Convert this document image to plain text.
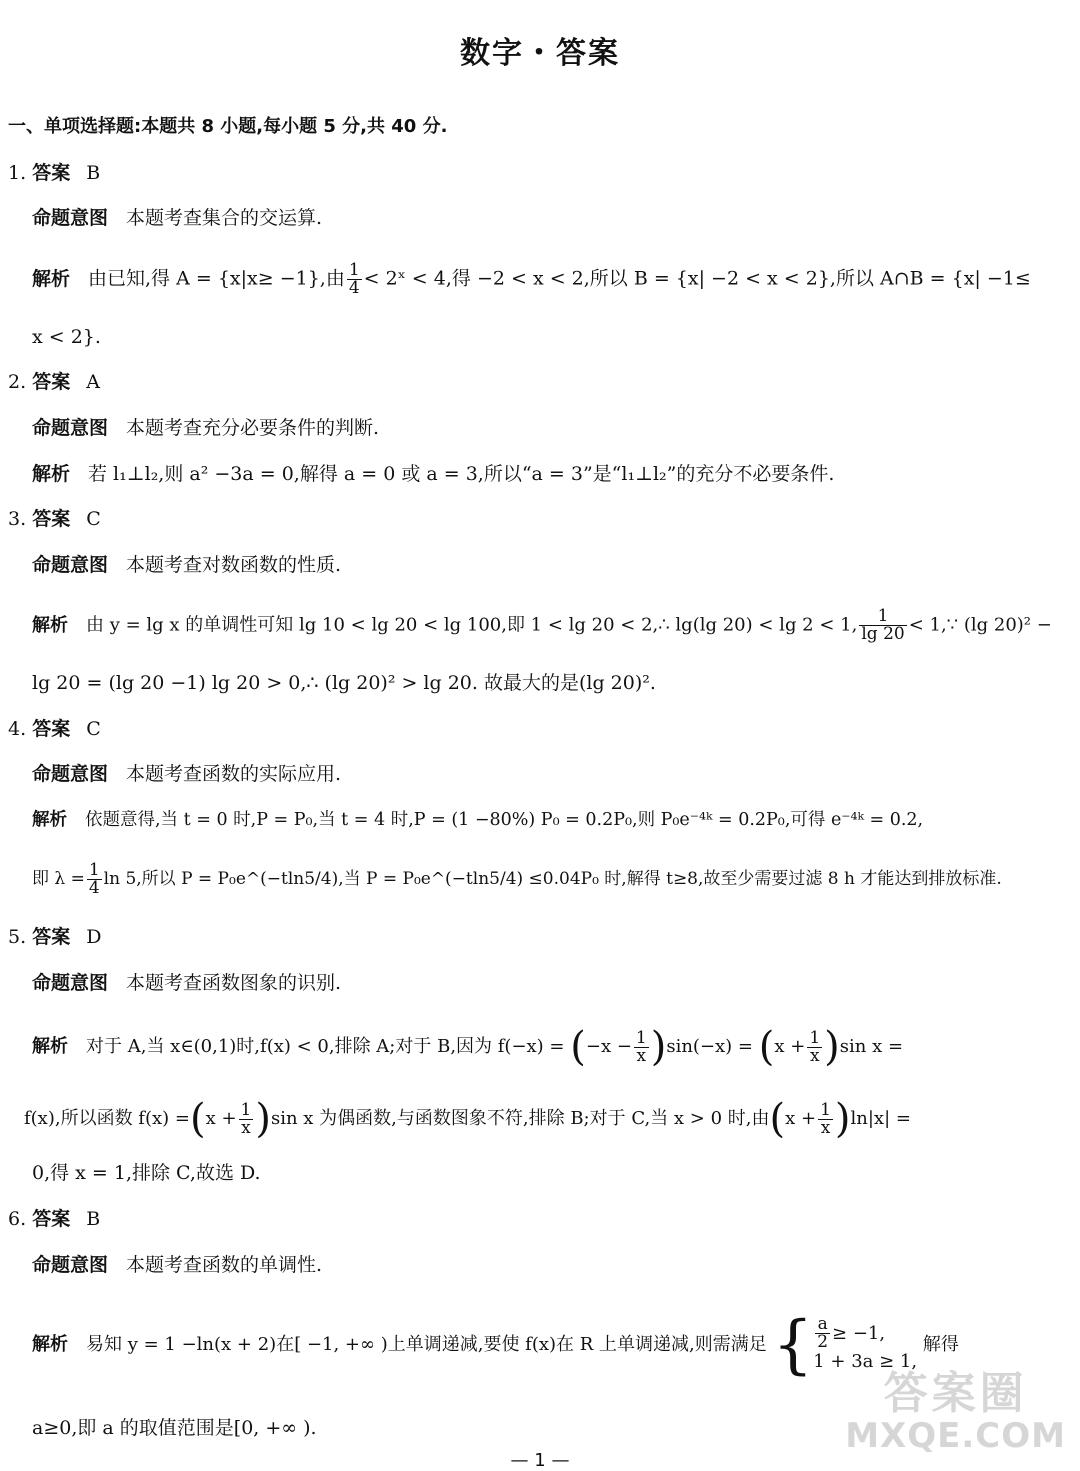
数字・答案
一、单项选择题:本题共 8 小题,每小题 5 分,共 40 分.
1. 答案 B
命题意图 本题考查集合的交运算.
解析 由已知,得 A = {x|x≥ −1},由 $\frac{1}{4}$ < 2ˣ < 4,得 −2 < x < 2,所以 B = {x| −2 < x < 2},所以 A∩B = {x| −1≤
x < 2}.
2. 答案 A
命题意图 本题考查充分必要条件的判断.
解析 若 l₁⊥l₂,则 a² −3a = 0,解得 a = 0 或 a = 3,所以“a = 3”是“l₁⊥l₂”的充分不必要条件.
3. 答案 C
命题意图 本题考查对数函数的性质.
解析 由 y = lg x 的单调性可知 lg 10 < lg 20 < lg 100,即 1 < lg 20 < 2,∴ lg(lg 20) < lg 2 < 1, $\frac{1}{\lg 20}$ < 1,∵ (lg 20)² −
lg 20 = (lg 20 −1) lg 20 > 0,∴ (lg 20)² > lg 20. 故最大的是(lg 20)².
4. 答案 C
命题意图 本题考查函数的实际应用.
解析 依题意得,当 t = 0 时,P = P₀,当 t = 4 时,P = (1 −80%) P₀ = 0.2P₀,则 P₀e⁻⁴ᵏ = 0.2P₀,可得 e⁻⁴ᵏ = 0.2,
即 $\lambda = \frac{1}{4}$ ln 5,所以 P = P₀e^(−tln5/4),当 P = P₀e^(−tln5/4) ≤0.04P₀ 时,解得 t≥8,故至少需要过滤 8 h 才能达到排放标准.
5. 答案 D
命题意图 本题考查函数图象的识别.
解析 对于 A,当 x∈(0,1)时,f(x) < 0,排除 A;对于 B,因为 $f(-x) = (-x - \frac{1}{x} )\sin(-x) = (x + \frac{1}{x} )\sin$ x =
f(x),所以函数 $f(x) =(x + \frac{1}{x} )\sin$ x 为偶函数,与函数图象不符,排除 B;对于 C,当 x > 0 时,由$(x + \frac{1}{x} )\ln|x|$ =
0,得 x = 1,排除 C,故选 D.
6. 答案 B
命题意图 本题考查函数的单调性.
解析 易知 y = 1 −ln(x + 2)在[ −1, +∞ )上单调递减,要使 f(x)在 R 上单调递减,则需满足 { $\frac{a}{2} \ge -1$,
1 + 3a ≥ 1, 解得
a≥0,即 a 的取值范围是[0, +∞ ).
答案圈
MXQE.COM
— 1 —
